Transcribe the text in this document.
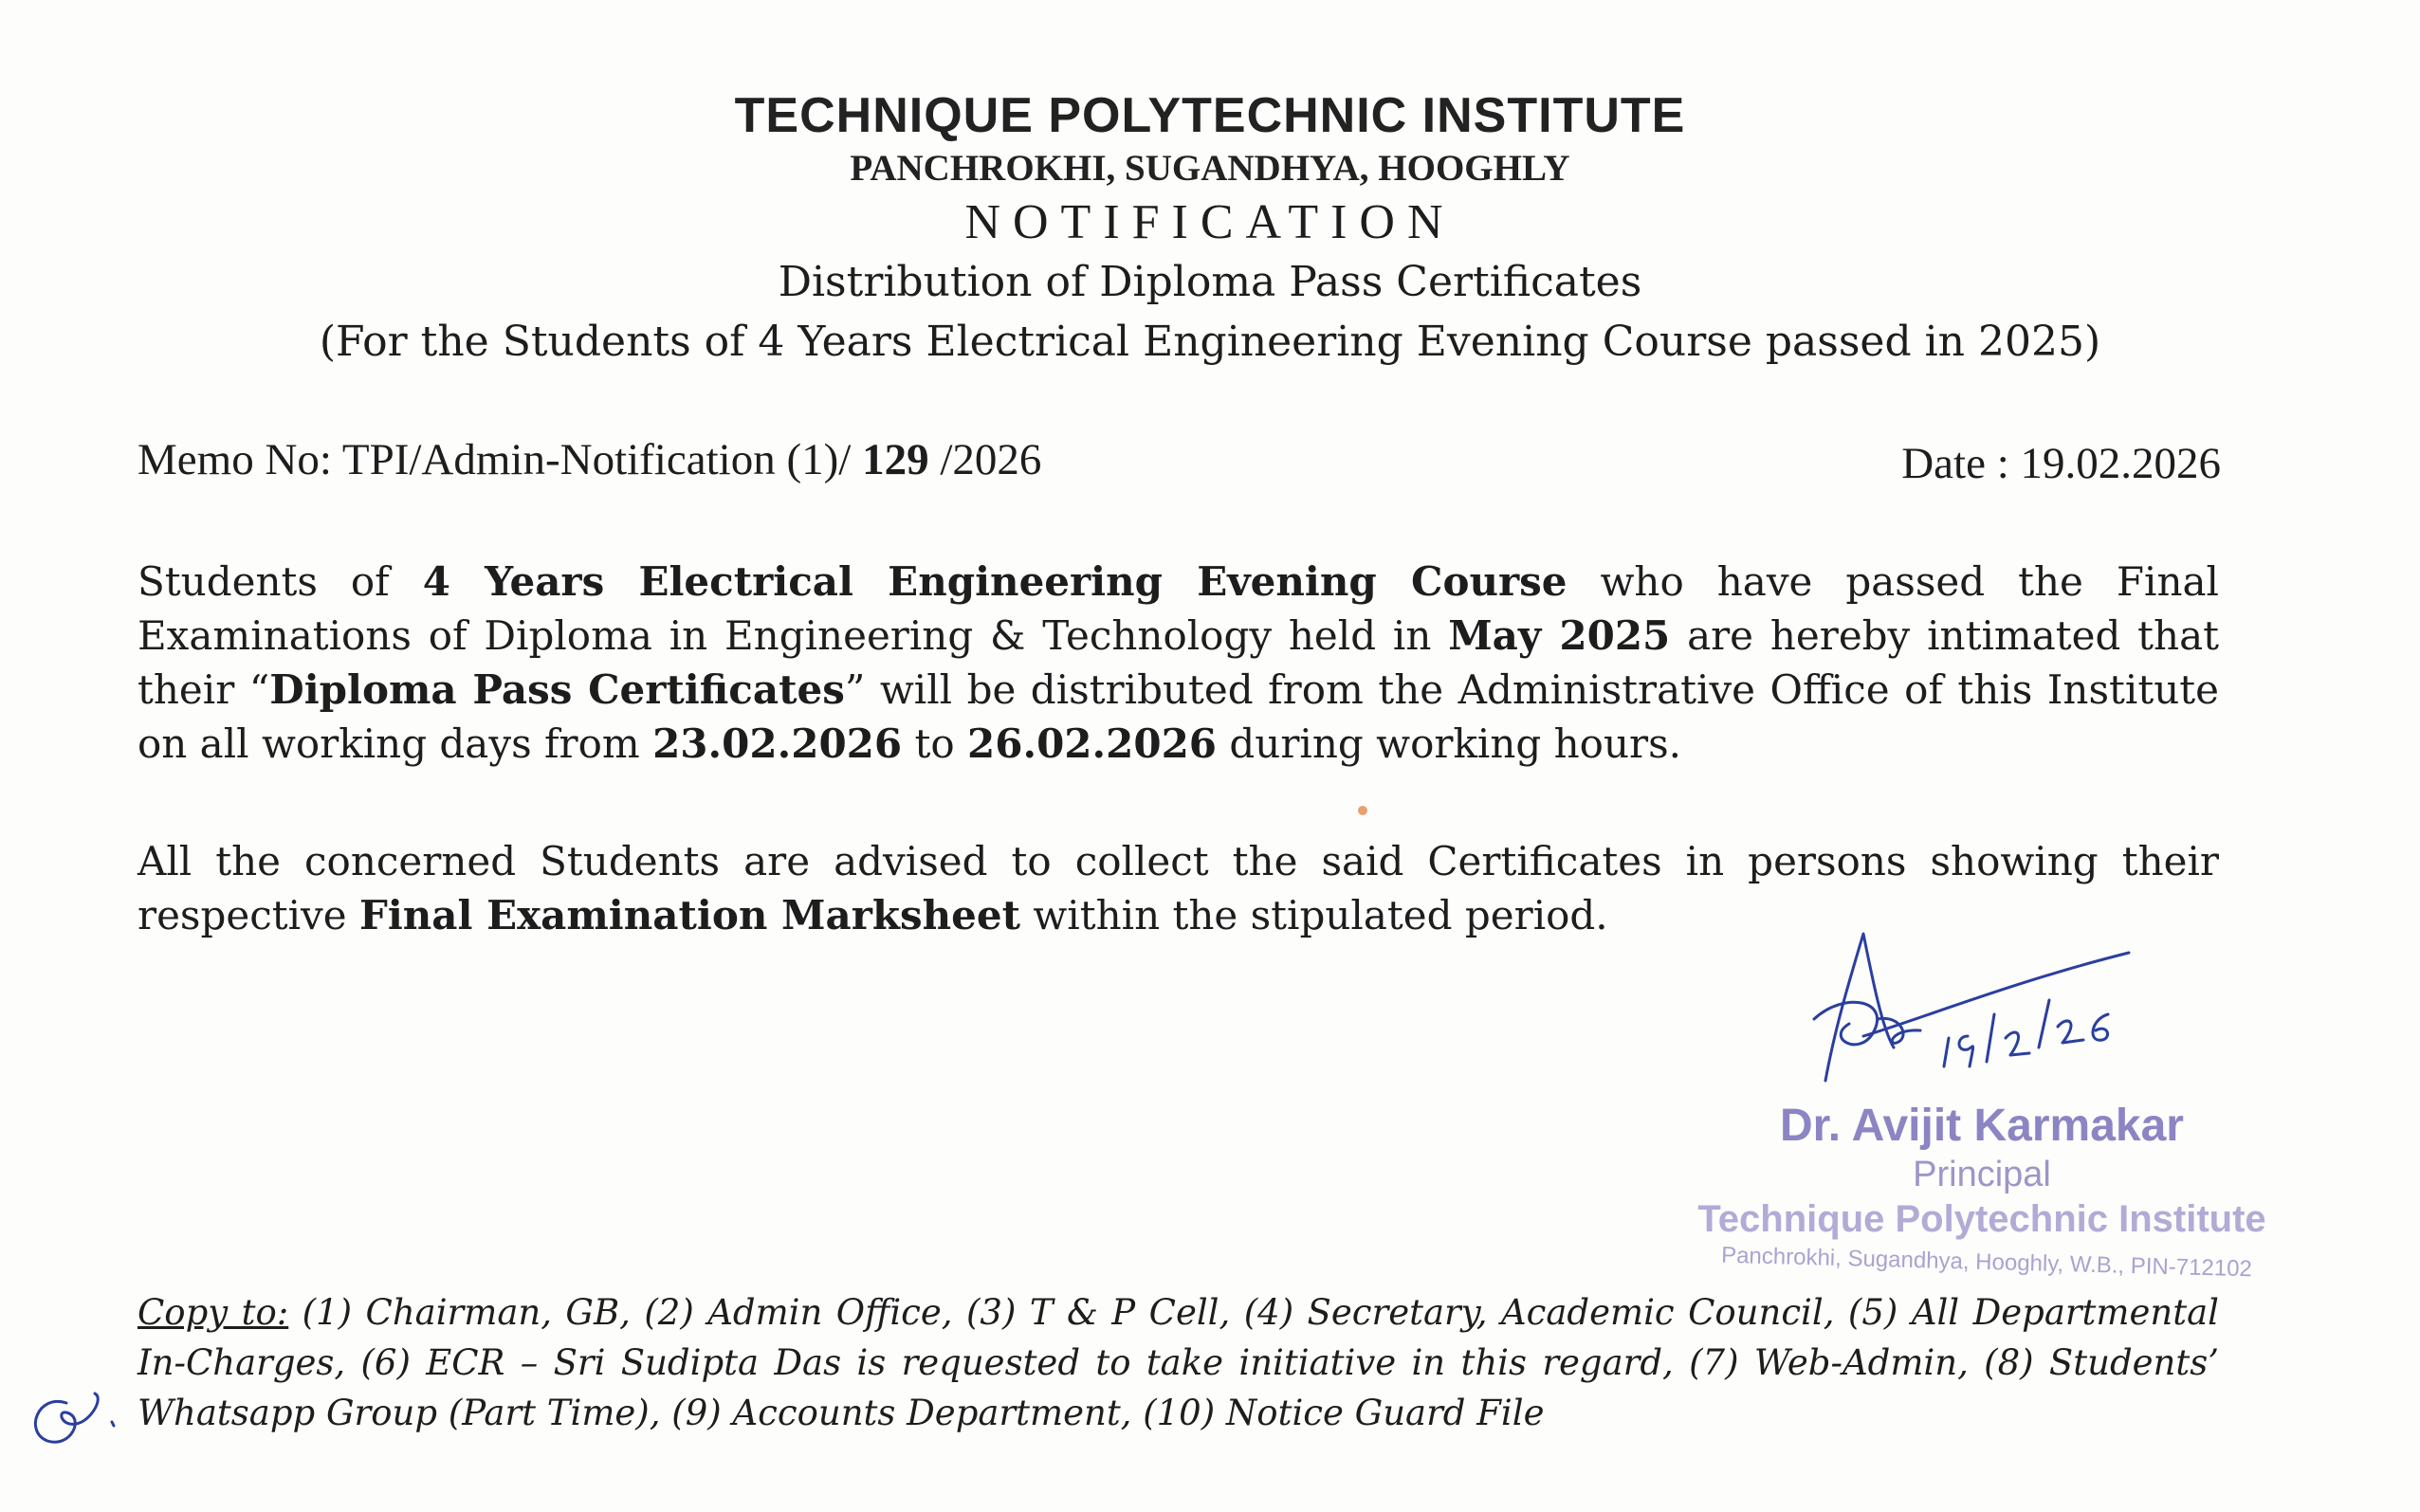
TECHNIQUE POLYTECHNIC INSTITUTE
PANCHROKHI, SUGANDHYA, HOOGHLY
NOTIFICATION
Distribution of Diploma Pass Certificates
(For the Students of 4 Years Electrical Engineering Evening Course passed in 2025)
Memo No: TPI/Admin-Notification (1)/ 129 /2026	Date : 19.02.2026

Students of 4 Years Electrical Engineering Evening Course who have passed the Final Examinations of Diploma in Engineering & Technology held in May 2025 are hereby intimated that their “Diploma Pass Certificates” will be distributed from the Administrative Office of this Institute on all working days from 23.02.2026 to 26.02.2026 during working hours.

All the concerned Students are advised to collect the said Certificates in persons showing their respective Final Examination Marksheet within the stipulated period.

Dr. Avijit Karmakar
Principal
Technique Polytechnic Institute
Panchrokhi, Sugandhya, Hooghly, W.B., PIN-712102

Copy to: (1) Chairman, GB, (2) Admin Office, (3) T & P Cell, (4) Secretary, Academic Council, (5) All Departmental In-Charges, (6) ECR – Sri Sudipta Das is requested to take initiative in this regard, (7) Web-Admin, (8) Students’ Whatsapp Group (Part Time), (9) Accounts Department, (10) Notice Guard File
